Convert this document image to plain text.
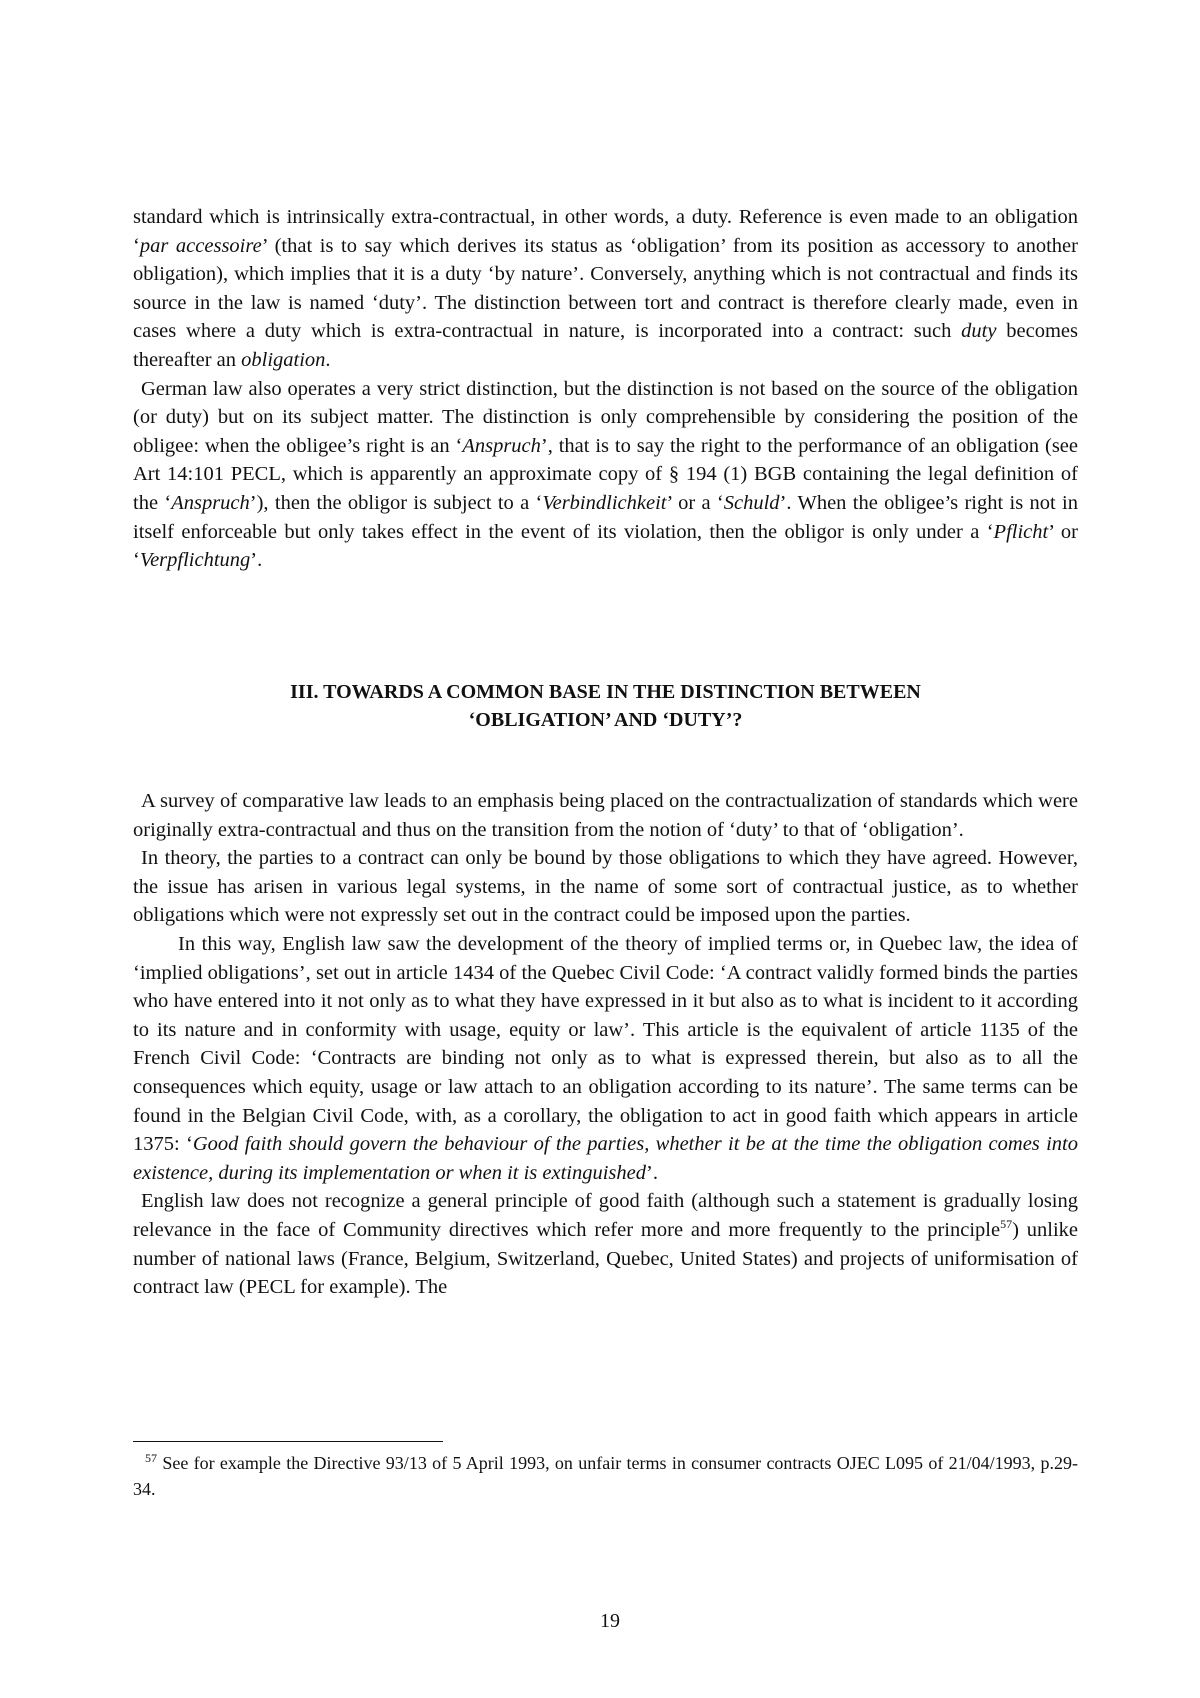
standard which is intrinsically extra-contractual, in other words, a duty. Reference is even made to an obligation ‘par accessoire’ (that is to say which derives its status as ‘obligation’ from its position as accessory to another obligation), which implies that it is a duty ‘by nature’. Conversely, anything which is not contractual and finds its source in the law is named ‘duty’. The distinction between tort and contract is therefore clearly made, even in cases where a duty which is extra-contractual in nature, is incorporated into a contract: such duty becomes thereafter an obligation.

German law also operates a very strict distinction, but the distinction is not based on the source of the obligation (or duty) but on its subject matter. The distinction is only comprehensible by considering the position of the obligee: when the obligee’s right is an ‘Anspruch’, that is to say the right to the performance of an obligation (see Art 14:101 PECL, which is apparently an approximate copy of § 194 (1) BGB containing the legal definition of the ‘Anspruch’), then the obligor is subject to a ‘Verbindlichkeit’ or a ‘Schuld’. When the obligee’s right is not in itself enforceable but only takes effect in the event of its violation, then the obligor is only under a ‘Pflicht’ or ‘Verpflichtung’.

III. TOWARDS A COMMON BASE IN THE DISTINCTION BETWEEN
‘OBLIGATION’ AND ‘DUTY’?

A survey of comparative law leads to an emphasis being placed on the contractualization of standards which were originally extra-contractual and thus on the transition from the notion of ‘duty’ to that of ‘obligation’.

In theory, the parties to a contract can only be bound by those obligations to which they have agreed. However, the issue has arisen in various legal systems, in the name of some sort of contractual justice, as to whether obligations which were not expressly set out in the contract could be imposed upon the parties.

In this way, English law saw the development of the theory of implied terms or, in Quebec law, the idea of ‘implied obligations’, set out in article 1434 of the Quebec Civil Code: ‘A contract validly formed binds the parties who have entered into it not only as to what they have expressed in it but also as to what is incident to it according to its nature and in conformity with usage, equity or law’. This article is the equivalent of article 1135 of the French Civil Code: ‘Contracts are binding not only as to what is expressed therein, but also as to all the consequences which equity, usage or law attach to an obligation according to its nature’. The same terms can be found in the Belgian Civil Code, with, as a corollary, the obligation to act in good faith which appears in article 1375: ‘Good faith should govern the behaviour of the parties, whether it be at the time the obligation comes into existence, during its implementation or when it is extinguished’.

English law does not recognize a general principle of good faith (although such a statement is gradually losing relevance in the face of Community directives which refer more and more frequently to the principle$^{57}$) unlike number of national laws (France, Belgium, Switzerland, Quebec, United States) and projects of uniformisation of contract law (PECL for example). The

$^{57}$ See for example the Directive 93/13 of 5 April 1993, on unfair terms in consumer contracts OJEC L095 of 21/04/1993, p.29-34.

19
